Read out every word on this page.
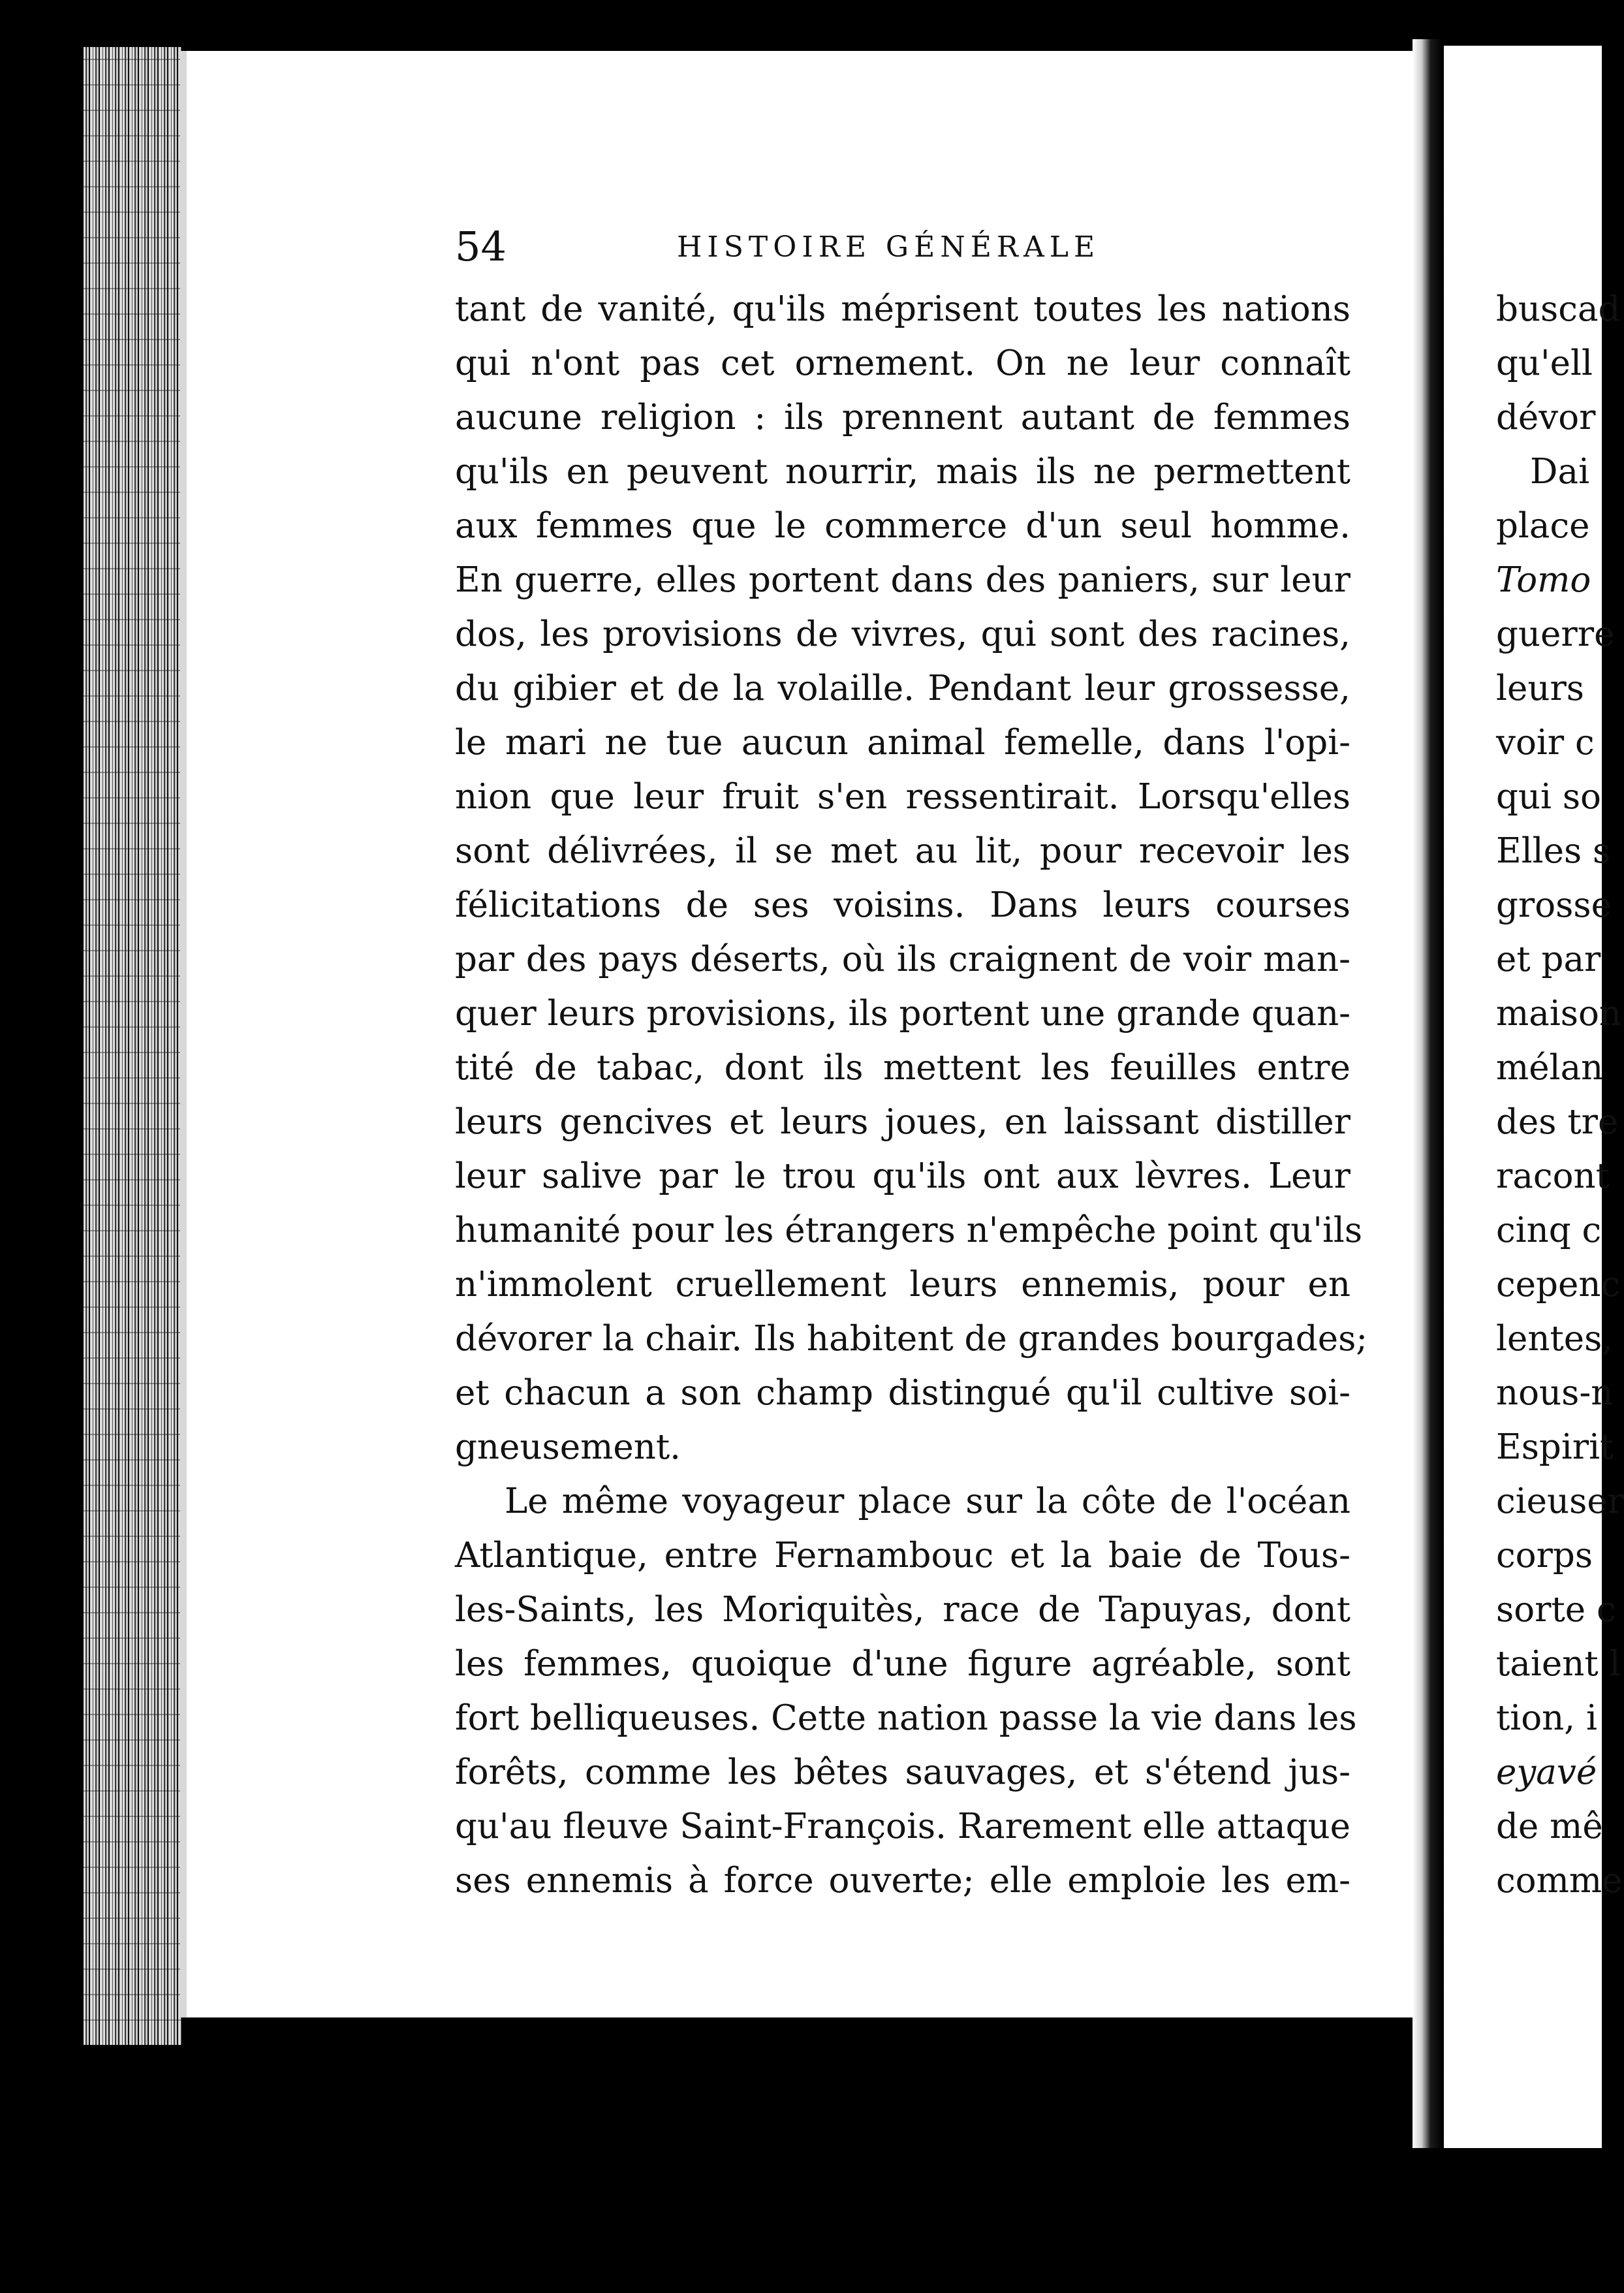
54	HISTOIRE GÉNÉRALE
tant de vanité, qu'ils méprisent toutes les nations
qui n'ont pas cet ornement. On ne leur connaît
aucune religion : ils prennent autant de femmes
qu'ils en peuvent nourrir, mais ils ne permettent
aux femmes que le commerce d'un seul homme.
En guerre, elles portent dans des paniers, sur leur
dos, les provisions de vivres, qui sont des racines,
du gibier et de la volaille. Pendant leur grossesse,
le mari ne tue aucun animal femelle, dans l'opi-
nion que leur fruit s'en ressentirait. Lorsqu'elles
sont délivrées, il se met au lit, pour recevoir les
félicitations de ses voisins. Dans leurs courses
par des pays déserts, où ils craignent de voir man-
quer leurs provisions, ils portent une grande quan-
tité de tabac, dont ils mettent les feuilles entre
leurs gencives et leurs joues, en laissant distiller
leur salive par le trou qu'ils ont aux lèvres. Leur
humanité pour les étrangers n'empêche point qu'ils
n'immolent cruellement leurs ennemis, pour en
dévorer la chair. Ils habitent de grandes bourgades;
et chacun a son champ distingué qu'il cultive soi-
gneusement.
Le même voyageur place sur la côte de l'océan
Atlantique, entre Fernambouc et la baie de Tous-
les-Saints, les Moriquitès, race de Tapuyas, dont
les femmes, quoique d'une figure agréable, sont
fort belliqueuses. Cette nation passe la vie dans les
forêts, comme les bêtes sauvages, et s'étend jus-
qu'au fleuve Saint-François. Rarement elle attaque
ses ennemis à force ouverte; elle emploie les em-
buscad
qu'ell
dévor
Dai
place
Tomo
guerre
leurs
voir c
qui so
Elles s
grosse
et par
maison
mélan
des tre
racont
cinq c
cepenc
lentes,
nous-n
Espirit
cieuser
corps
sorte c
taient l
tion, i
eyavé
de mê
comme
